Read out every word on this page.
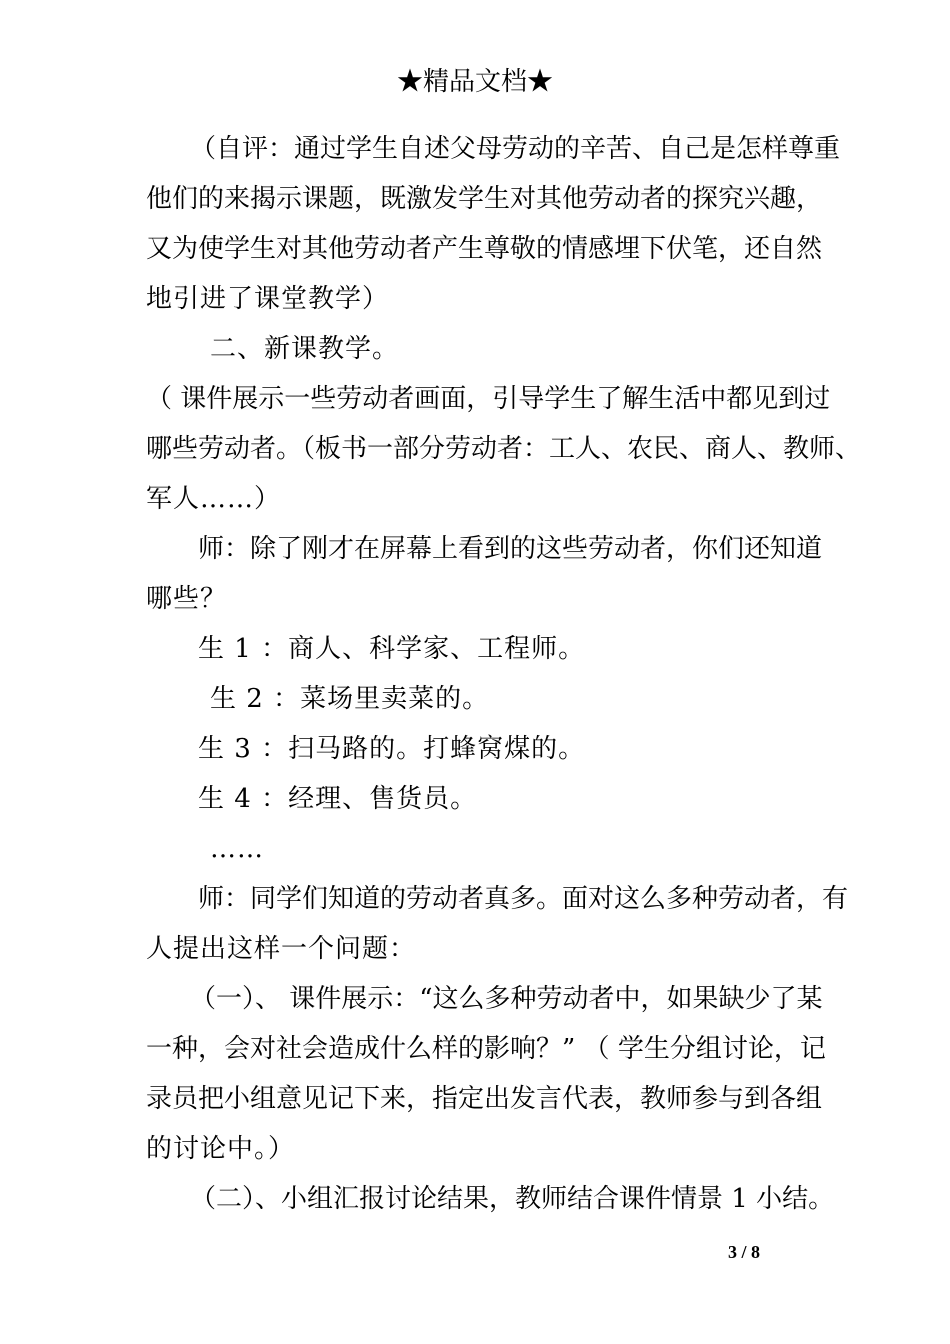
★精品文档★
（自评：通过学生自述父母劳动的辛苦、自己是怎样尊重
他们的来揭示课题，既激发学生对其他劳动者的探究兴趣，
又为使学生对其他劳动者产生尊敬的情感埋下伏笔，还自然
地引进了课堂教学）
二、新课教学。
（ 课件展示一些劳动者画面，引导学生了解生活中都见到过
哪些劳动者。（板书一部分劳动者：工人、农民、商人、教师、
军人……）
师：除了刚才在屏幕上看到的这些劳动者，你们还知道
哪些？
生 1 ：商人、科学家、工程师。
生 2 ：菜场里卖菜的。
生 3 ：扫马路的。打蜂窝煤的。
生 4 ：经理、售货员。
……
师：同学们知道的劳动者真多。面对这么多种劳动者，有
人提出这样一个问题：
（一）、 课件展示：“这么多种劳动者中，如果缺少了某
一种，会对社会造成什么样的影响？” （ 学生分组讨论，记
录员把小组意见记下来，指定出发言代表，教师参与到各组
的讨论中。）
（二）、小组汇报讨论结果，教师结合课件情景 1 小结。
3 / 8
